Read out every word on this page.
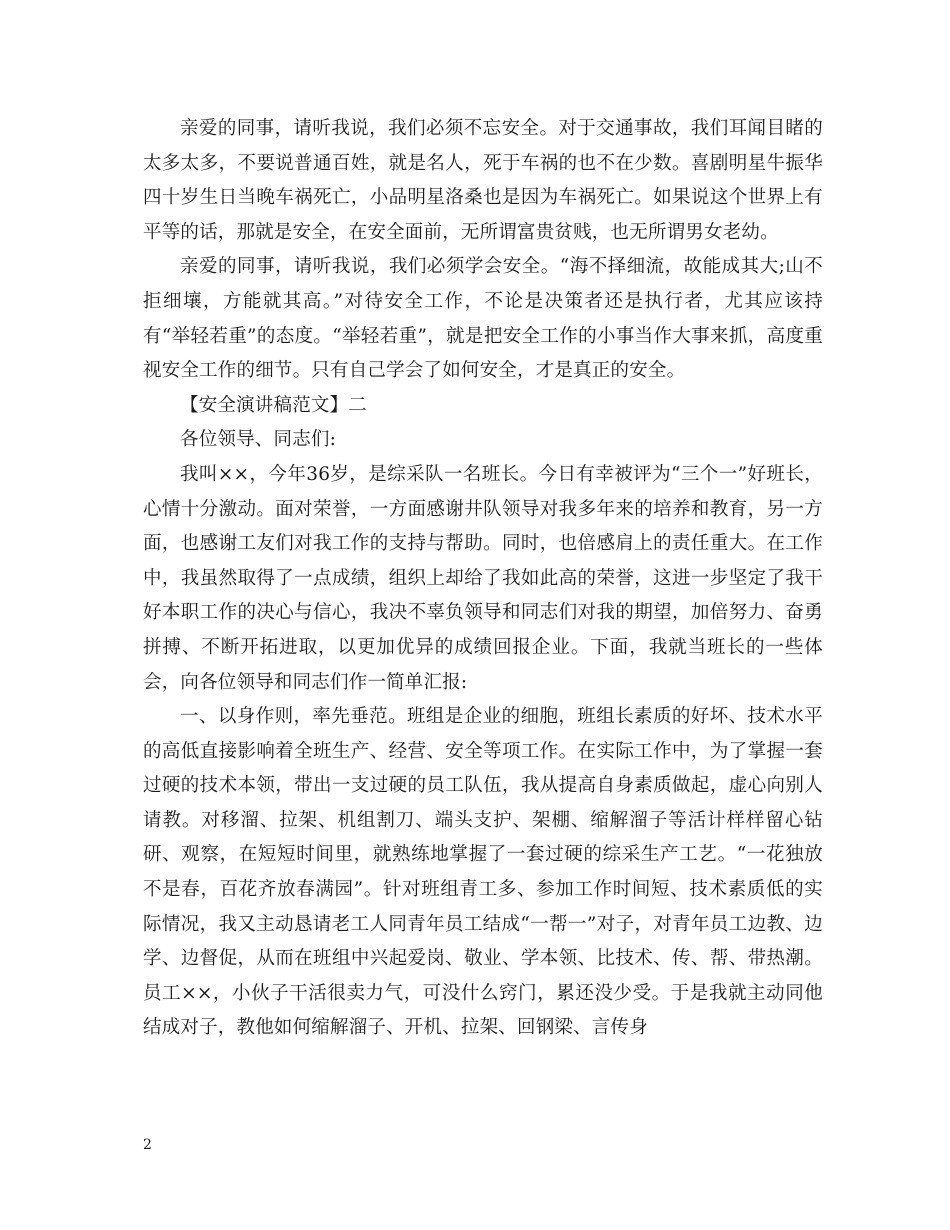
亲爱的同事，请听我说，我们必须不忘安全。对于交通事故，我们耳闻目睹的太多太多，不要说普通百姓，就是名人，死于车祸的也不在少数。喜剧明星牛振华四十岁生日当晚车祸死亡，小品明星洛桑也是因为车祸死亡。如果说这个世界上有平等的话，那就是安全，在安全面前，无所谓富贵贫贱，也无所谓男女老幼。

亲爱的同事，请听我说，我们必须学会安全。“海不择细流，故能成其大;山不拒细壤，方能就其高。”对待安全工作，不论是决策者还是执行者，尤其应该持有“举轻若重”的态度。“举轻若重”，就是把安全工作的小事当作大事来抓，高度重视安全工作的细节。只有自己学会了如何安全，才是真正的安全。

【安全演讲稿范文】二

各位领导、同志们:

我叫××，今年36岁，是综采队一名班长。今日有幸被评为“三个一”好班长，心情十分激动。面对荣誉，一方面感谢井队领导对我多年来的培养和教育，另一方面，也感谢工友们对我工作的支持与帮助。同时，也倍感肩上的责任重大。在工作中，我虽然取得了一点成绩，组织上却给了我如此高的荣誉，这进一步坚定了我干好本职工作的决心与信心，我决不辜负领导和同志们对我的期望，加倍努力、奋勇拼搏、不断开拓进取，以更加优异的成绩回报企业。下面，我就当班长的一些体会，向各位领导和同志们作一简单汇报:

一、以身作则，率先垂范。班组是企业的细胞，班组长素质的好坏、技术水平的高低直接影响着全班生产、经营、安全等项工作。在实际工作中，为了掌握一套过硬的技术本领，带出一支过硬的员工队伍，我从提高自身素质做起，虚心向别人请教。对移溜、拉架、机组割刀、端头支护、架棚、缩解溜子等活计样样留心钻研、观察，在短短时间里，就熟练地掌握了一套过硬的综采生产工艺。“一花独放不是春，百花齐放春满园”。针对班组青工多、参加工作时间短、技术素质低的实际情况，我又主动恳请老工人同青年员工结成“一帮一”对子，对青年员工边教、边学、边督促，从而在班组中兴起爱岗、敬业、学本领、比技术、传、帮、带热潮。员工××，小伙子干活很卖力气，可没什么窍门，累还没少受。于是我就主动同他结成对子，教他如何缩解溜子、开机、拉架、回钢梁、言传身

2
